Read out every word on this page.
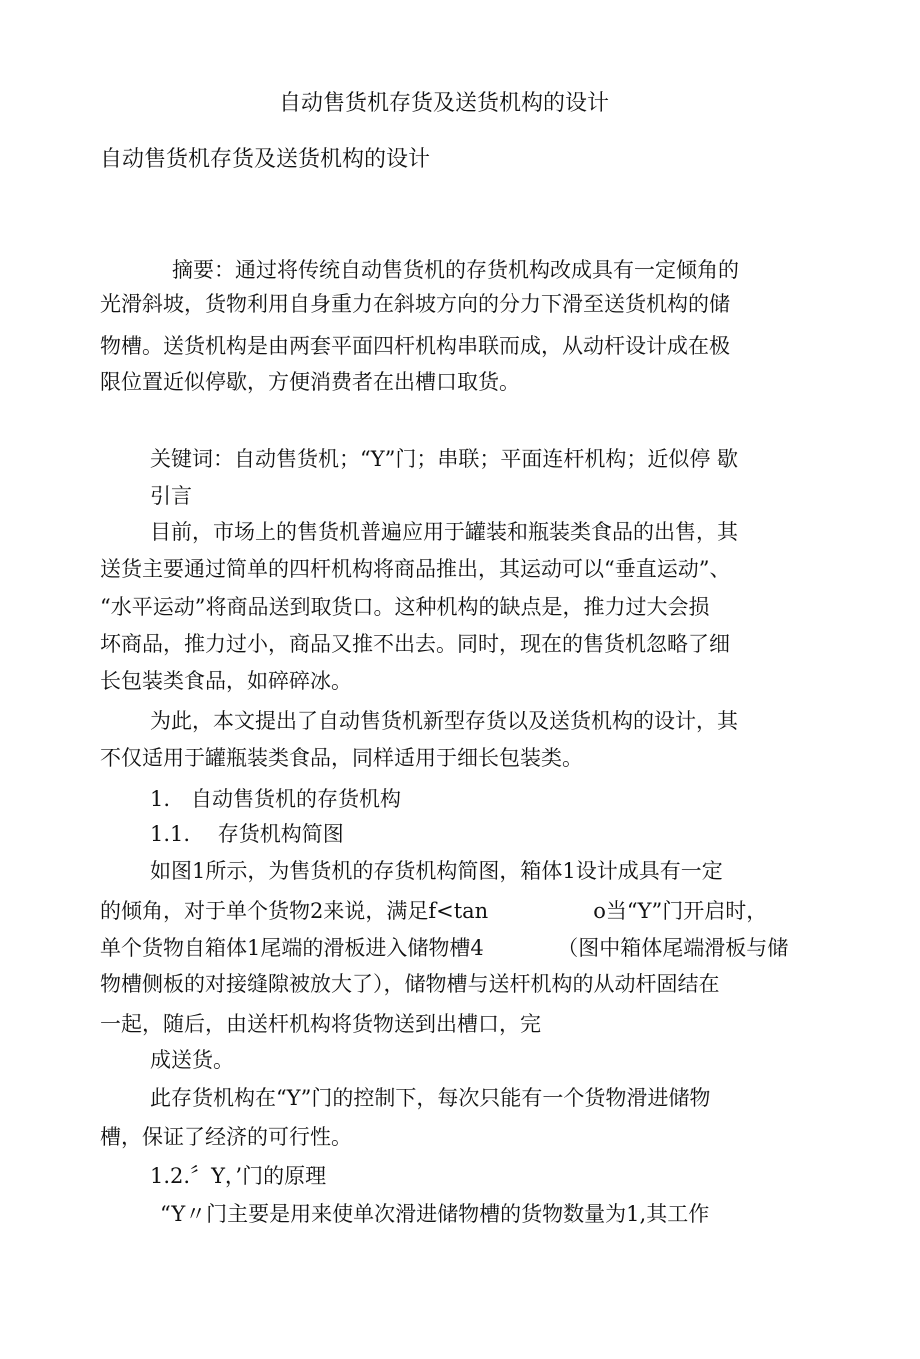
自动售货机存货及送货机构的设计

自动售货机存货及送货机构的设计

摘要：通过将传统自动售货机的存货机构改成具有一定倾角的

光滑斜坡，货物利用自身重力在斜坡方向的分力下滑至送货机构的储

物槽。送货机构是由两套平面四杆机构串联而成，从动杆设计成在极

限位置近似停歇，方便消费者在出槽口取货。

关键词：自动售货机；“Y”门；串联；平面连杆机构；近似停 歇

引言

目前，市场上的售货机普遍应用于罐装和瓶装类食品的出售，其

送货主要通过简单的四杆机构将商品推出，其运动可以“垂直运动”、

“水平运动”将商品送到取货口。这种机构的缺点是，推力过大会损

坏商品，推力过小，商品又推不出去。同时，现在的售货机忽略了细

长包装类食品，如碎碎冰。

为此，本文提出了自动售货机新型存货以及送货机构的设计，其

不仅适用于罐瓶装类食品，同样适用于细长包装类。

1.　自动售货机的存货机构

1.1.　 存货机构简图

如图1所示，为售货机的存货机构简图，箱体1设计成具有一定

的倾角，对于单个货物2来说，满足f<tan　　　　　o当“Y”门开启时，

单个货物自箱体1尾端的滑板进入储物槽4　　　　（图中箱体尾端滑板与储

物槽侧板的对接缝隙被放大了），储物槽与送杆机构的从动杆固结在

一起，随后，由送杆机构将货物送到出槽口，完

成送货。

此存货机构在“Y”门的控制下，每次只能有一个货物滑进储物

槽，保证了经济的可行性。

1.2.〞Y，’门的原理

“Y〃门主要是用来使单次滑进储物槽的货物数量为1,其工作
